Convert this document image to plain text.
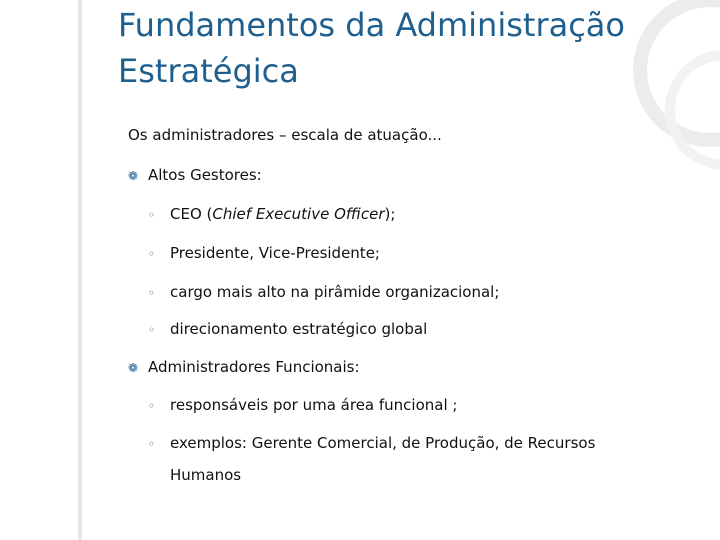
Fundamentos da Administração Estratégica
Os administradores – escala de atuação...
❁ Altos Gestores:
◦ CEO (Chief Executive Officer);
◦ Presidente, Vice-Presidente;
◦ cargo mais alto na pirâmide organizacional;
◦ direcionamento estratégico global
❁ Administradores Funcionais:
◦ responsáveis por uma área funcional ;
◦ exemplos: Gerente Comercial, de Produção, de Recursos
Humanos
